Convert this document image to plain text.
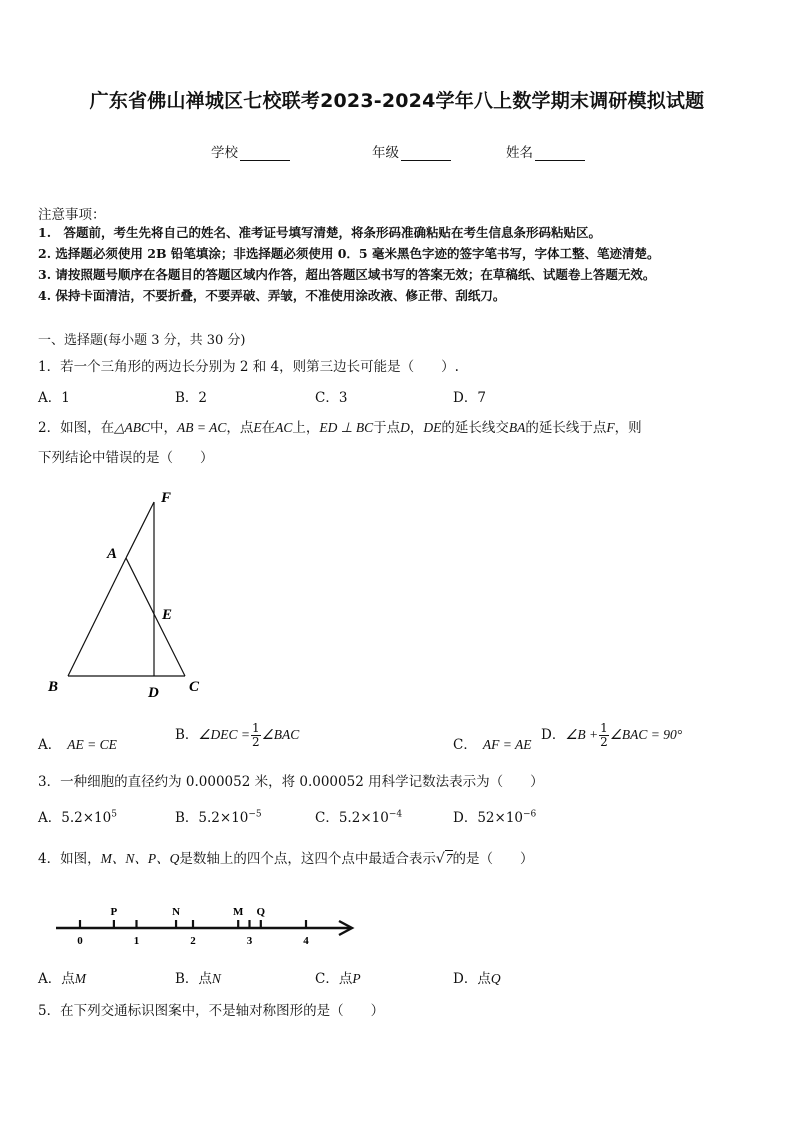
广东省佛山禅城区七校联考2023-2024学年八上数学期末调研模拟试题
学校	年级	姓名
注意事项：
1.　答题前，考生先将自己的姓名、准考证号填写清楚，将条形码准确粘贴在考生信息条形码粘贴区。
2. 选择题必须使用 2B 铅笔填涂；非选择题必须使用 0．5 毫米黑色字迹的签字笔书写，字体工整、笔迹清楚。
3. 请按照题号顺序在各题目的答题区域内作答，超出答题区域书写的答案无效；在草稿纸、试题卷上答题无效。
4. 保持卡面清洁，不要折叠，不要弄破、弄皱，不准使用涂改液、修正带、刮纸刀。
一、选择题(每小题 3 分，共 30 分)
1．若一个三角形的两边长分别为 2 和 4，则第三边长可能是（　　）.
A．1	B．2	C．3	D．7
2．如图，在△ABC中，AB = AC，点E在AC上，ED ⊥ BC于点D，DE的延长线交BA的延长线于点F，则
下列结论中错误的是（　　）
F
A
E
B	D C
A． AE = CE
B．∠DEC = $\frac{1}{2}$ ∠BAC
C． AF = AE
D．∠B + $\frac{1}{2}$ ∠BAC = 90°
3．一种细胞的直径约为 0.000052 米，将 0.000052 用科学记数法表示为（　　）
A．$5.2\times 10^5$	B．$5.2\times 10^{-5}$	C．$5.2\times 10^{-4}$	D．$52\times 10^{-6}$
4．如图，M、N、P、Q是数轴上的四个点，这四个点中最适合表示√7的是（　　）
0	1	2	3	4
P	N	M Q
A．点M	B．点N	C．点P	D．点Q
5．在下列交通标识图案中，不是轴对称图形的是（　　）
